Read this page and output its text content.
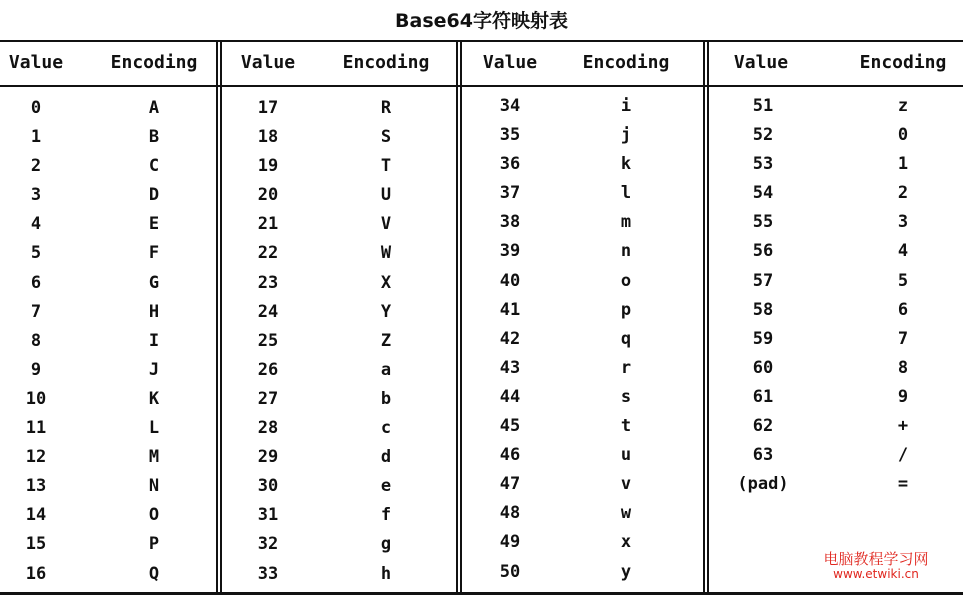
Base64字符映射表
Value	Encoding
0	A
1	B
2	C
3	D
4	E
5	F
6	G
7	H
8	I
9	J
10	K
11	L
12	M
13	N
14	O
15	P
16	Q
Value	Encoding
17	R
18	S
19	T
20	U
21	V
22	W
23	X
24	Y
25	Z
26	a
27	b
28	c
29	d
30	e
31	f
32	g
33	h
Value	Encoding
34	i
35	j
36	k
37	l
38	m
39	n
40	o
41	p
42	q
43	r
44	s
45	t
46	u
47	v
48	w
49	x
50	y
Value	Encoding
51	z
52	0
53	1
54	2
55	3
56	4
57	5
58	6
59	7
60	8
61	9
62	+
63	/
(pad)	=
电脑教程学习网
www.etwiki.cn
